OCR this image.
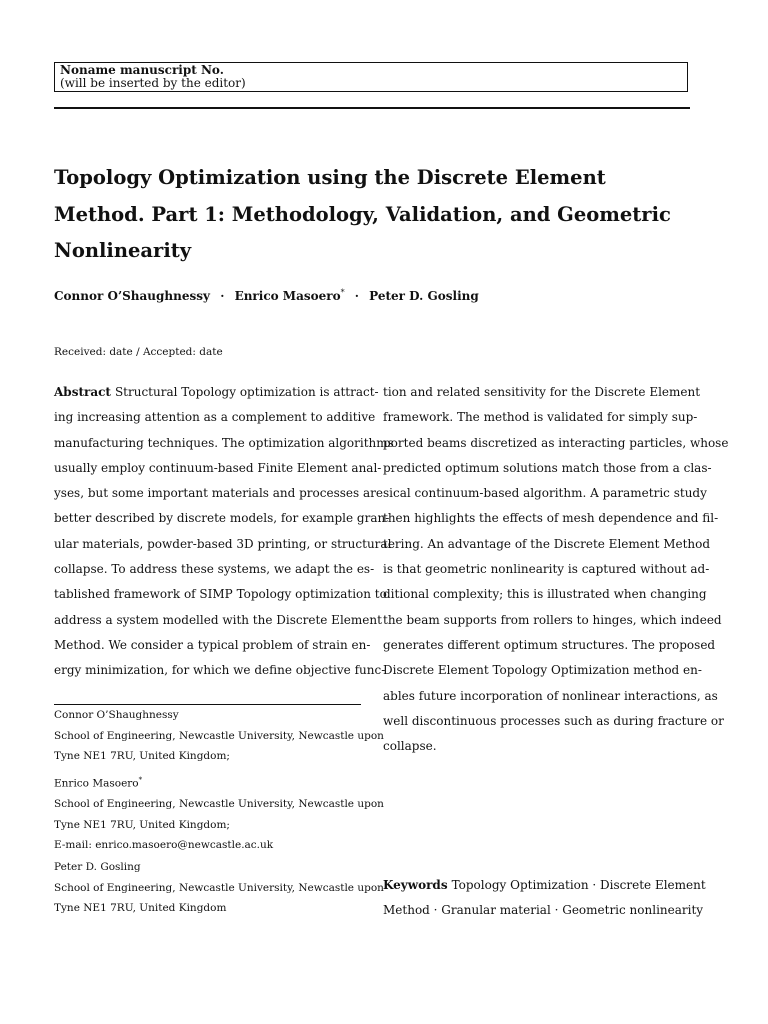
Noname manuscript No.
(will be inserted by the editor)
Topology Optimization using the Discrete Element
Method. Part 1: Methodology, Validation, and Geometric
Nonlinearity
Connor O’Shaughnessy · Enrico Masoero* · Peter D. Gosling
Received: date / Accepted: date
Abstract Structural Topology optimization is attract-
ing increasing attention as a complement to additive
manufacturing techniques. The optimization algorithms
usually employ continuum-based Finite Element anal-
yses, but some important materials and processes are
better described by discrete models, for example gran-
ular materials, powder-based 3D printing, or structural
collapse. To address these systems, we adapt the es-
tablished framework of SIMP Topology optimization to
address a system modelled with the Discrete Element
Method. We consider a typical problem of strain en-
ergy minimization, for which we define objective func-
tion and related sensitivity for the Discrete Element
framework. The method is validated for simply sup-
ported beams discretized as interacting particles, whose
predicted optimum solutions match those from a clas-
sical continuum-based algorithm. A parametric study
then highlights the effects of mesh dependence and fil-
tering. An advantage of the Discrete Element Method
is that geometric nonlinearity is captured without ad-
ditional complexity; this is illustrated when changing
the beam supports from rollers to hinges, which indeed
generates different optimum structures. The proposed
Discrete Element Topology Optimization method en-
ables future incorporation of nonlinear interactions, as
well discontinuous processes such as during fracture or
collapse.
Connor O’Shaughnessy
School of Engineering, Newcastle University, Newcastle upon
Tyne NE1 7RU, United Kingdom;
Enrico Masoero*
School of Engineering, Newcastle University, Newcastle upon
Tyne NE1 7RU, United Kingdom;
E-mail: enrico.masoero@newcastle.ac.uk
Peter D. Gosling
School of Engineering, Newcastle University, Newcastle upon
Tyne NE1 7RU, United Kingdom
Keywords Topology Optimization · Discrete Element
Method · Granular material · Geometric nonlinearity
